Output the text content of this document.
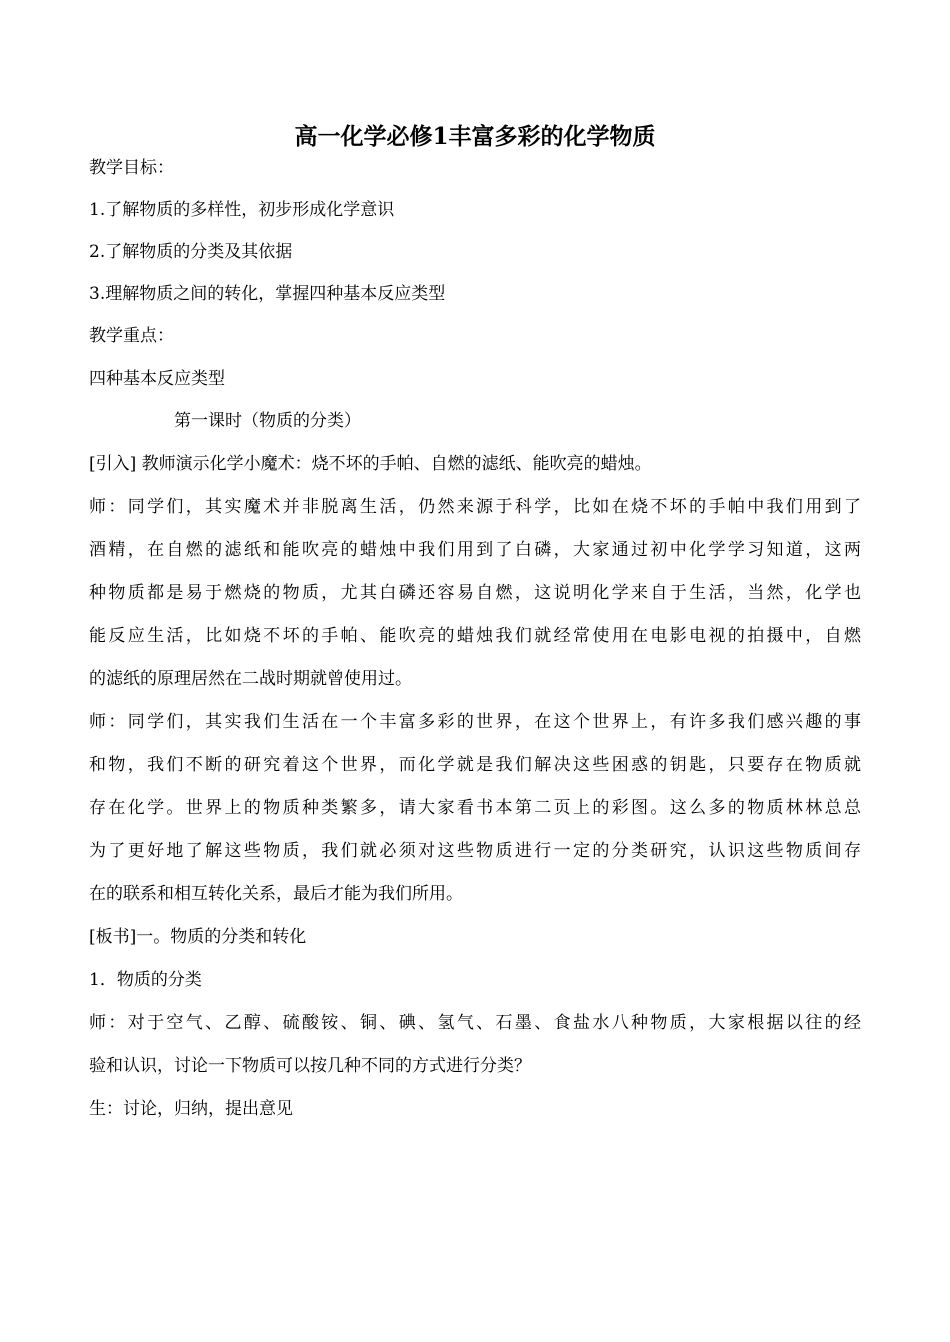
高一化学必修1丰富多彩的化学物质
教学目标：
1.了解物质的多样性，初步形成化学意识
2.了解物质的分类及其依据
3.理解物质之间的转化，掌握四种基本反应类型
教学重点：
四种基本反应类型
第一课时（物质的分类）
[引入] 教师演示化学小魔术：烧不坏的手帕、自燃的滤纸、能吹亮的蜡烛。
师：同学们，其实魔术并非脱离生活，仍然来源于科学，比如在烧不坏的手帕中我们用到了
酒精，在自燃的滤纸和能吹亮的蜡烛中我们用到了白磷，大家通过初中化学学习知道，这两
种物质都是易于燃烧的物质，尤其白磷还容易自燃，这说明化学来自于生活，当然，化学也
能反应生活，比如烧不坏的手帕、能吹亮的蜡烛我们就经常使用在电影电视的拍摄中，自燃
的滤纸的原理居然在二战时期就曾使用过。
师：同学们，其实我们生活在一个丰富多彩的世界，在这个世界上，有许多我们感兴趣的事
和物，我们不断的研究着这个世界，而化学就是我们解决这些困惑的钥匙，只要存在物质就
存在化学。世界上的物质种类繁多，请大家看书本第二页上的彩图。这么多的物质林林总总
为了更好地了解这些物质，我们就必须对这些物质进行一定的分类研究，认识这些物质间存
在的联系和相互转化关系，最后才能为我们所用。
[板书]一。物质的分类和转化
1．物质的分类
师：对于空气、乙醇、硫酸铵、铜、碘、氢气、石墨、食盐水八种物质，大家根据以往的经
验和认识，讨论一下物质可以按几种不同的方式进行分类？
生：讨论，归纳，提出意见
